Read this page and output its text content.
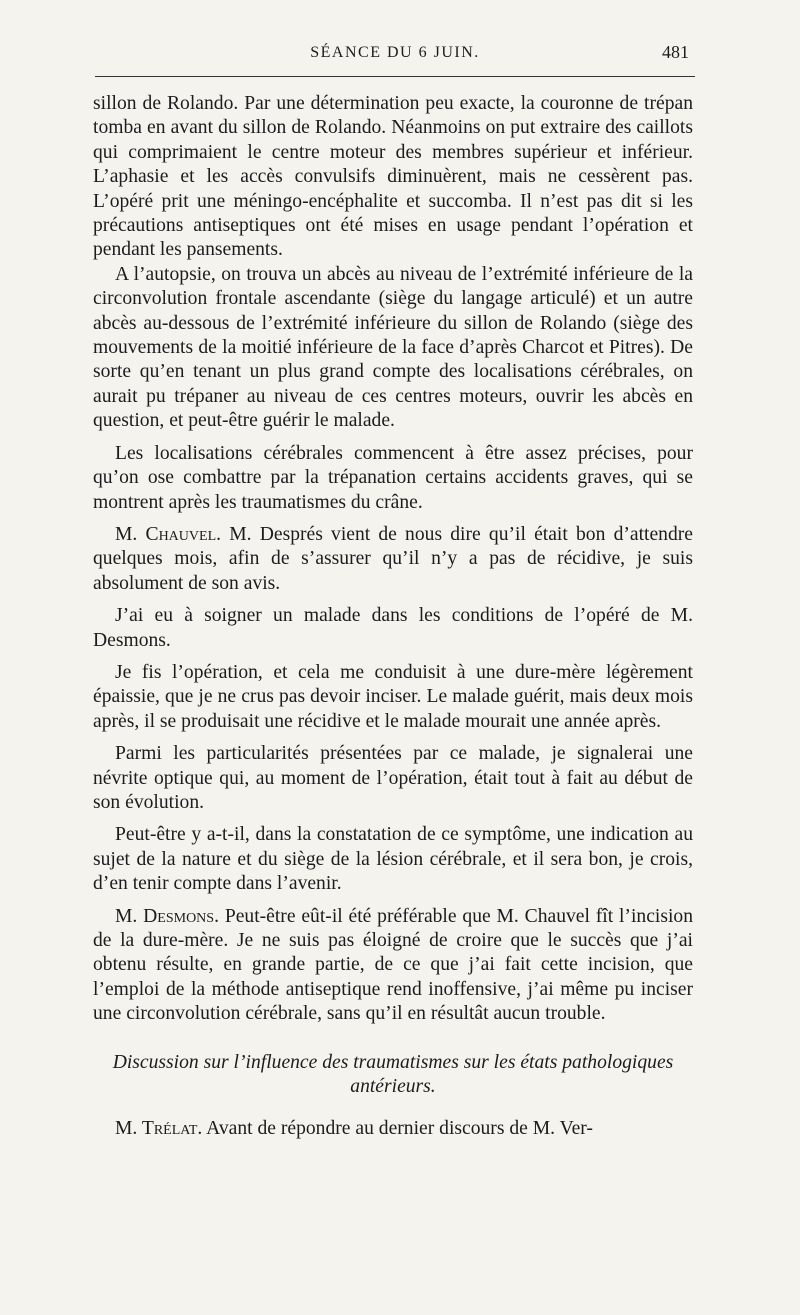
SÉANCE DU 6 JUIN.	481

sillon de Rolando. Par une détermination peu exacte, la couronne de trépan tomba en avant du sillon de Rolando. Néanmoins on put extraire des caillots qui comprimaient le centre moteur des membres supérieur et inférieur. L’aphasie et les accès convulsifs diminuèrent, mais ne cessèrent pas. L’opéré prit une méningo-encéphalite et succomba. Il n’est pas dit si les précautions antiseptiques ont été mises en usage pendant l’opération et pendant les pansements.

A l’autopsie, on trouva un abcès au niveau de l’extrémité inférieure de la circonvolution frontale ascendante (siège du langage articulé) et un autre abcès au-dessous de l’extrémité inférieure du sillon de Rolando (siège des mouvements de la moitié inférieure de la face d’après Charcot et Pitres). De sorte qu’en tenant un plus grand compte des localisations cérébrales, on aurait pu trépaner au niveau de ces centres moteurs, ouvrir les abcès en question, et peut-être guérir le malade.

Les localisations cérébrales commencent à être assez précises, pour qu’on ose combattre par la trépanation certains accidents graves, qui se montrent après les traumatismes du crâne.

M. Chauvel. M. Després vient de nous dire qu’il était bon d’attendre quelques mois, afin de s’assurer qu’il n’y a pas de récidive, je suis absolument de son avis.

J’ai eu à soigner un malade dans les conditions de l’opéré de M. Desmons.

Je fis l’opération, et cela me conduisit à une dure-mère légèrement épaissie, que je ne crus pas devoir inciser. Le malade guérit, mais deux mois après, il se produisait une récidive et le malade mourait une année après.

Parmi les particularités présentées par ce malade, je signalerai une névrite optique qui, au moment de l’opération, était tout à fait au début de son évolution.

Peut-être y a-t-il, dans la constatation de ce symptôme, une indication au sujet de la nature et du siège de la lésion cérébrale, et il sera bon, je crois, d’en tenir compte dans l’avenir.

M. Desmons. Peut-être eût-il été préférable que M. Chauvel fît l’incision de la dure-mère. Je ne suis pas éloigné de croire que le succès que j’ai obtenu résulte, en grande partie, de ce que j’ai fait cette incision, que l’emploi de la méthode antiseptique rend inoffensive, j’ai même pu inciser une circonvolution cérébrale, sans qu’il en résultât aucun trouble.

Discussion sur l’influence des traumatismes sur les états pathologiques antérieurs.

M. Trélat. Avant de répondre au dernier discours de M. Ver-
